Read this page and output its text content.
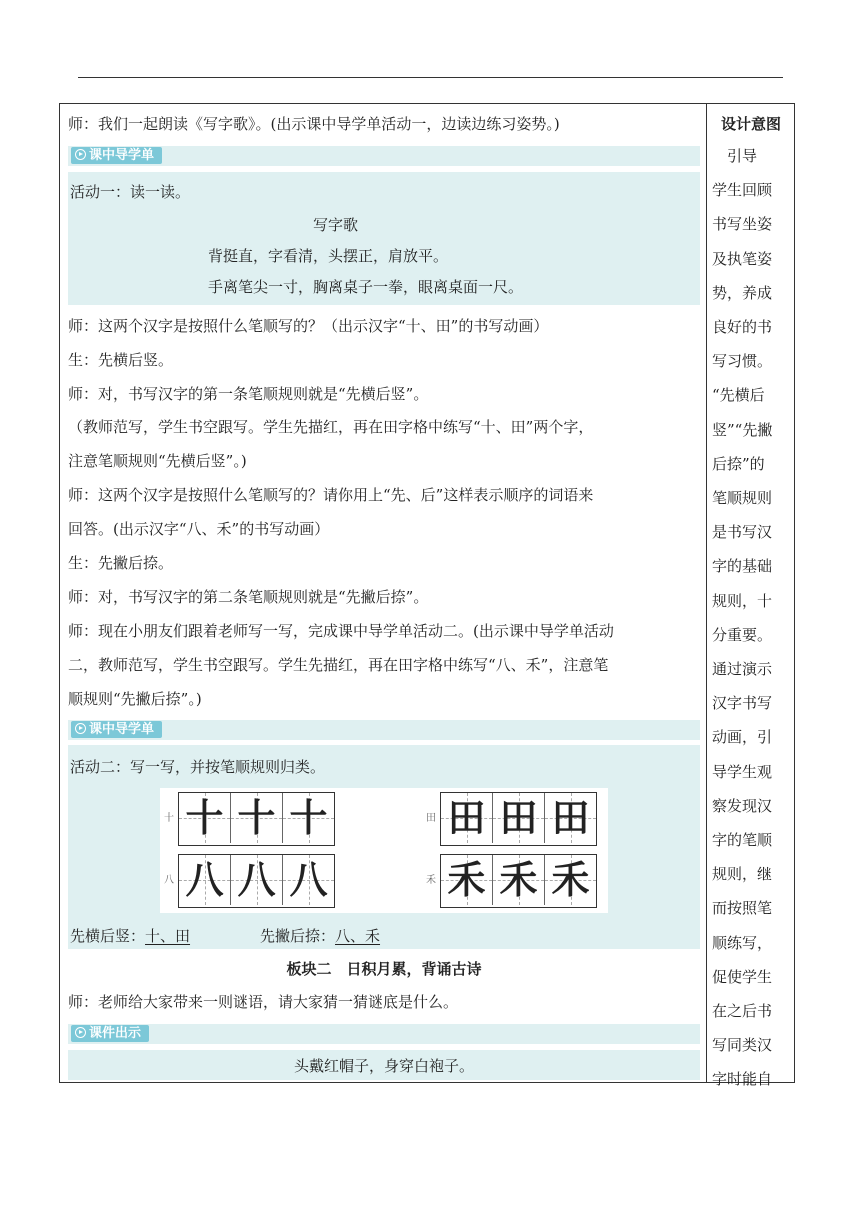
师：我们一起朗读《写字歌》。(出示课中导学单活动一，边读边练习姿势。)
课中导学单
活动一：读一读。
写字歌
背挺直，字看清，头摆正，肩放平。
手离笔尖一寸，胸离桌子一拳，眼离桌面一尺。
师：这两个汉字是按照什么笔顺写的？（出示汉字“十、田”的书写动画）
生：先横后竖。
师：对，书写汉字的第一条笔顺规则就是“先横后竖”。
（教师范写，学生书空跟写。学生先描红，再在田字格中练写“十、田”两个字，
注意笔顺规则“先横后竖”。)
师：这两个汉字是按照什么笔顺写的？请你用上“先、后”这样表示顺序的词语来
回答。(出示汉字“八、禾”的书写动画）
生：先撇后捺。
师：对，书写汉字的第二条笔顺规则就是“先撇后捺”。
师：现在小朋友们跟着老师写一写，完成课中导学单活动二。(出示课中导学单活动
二，教师范写，学生书空跟写。学生先描红，再在田字格中练写“八、禾”，注意笔
顺规则“先撇后捺”。)
课中导学单
活动二：写一写，并按笔顺规则归类。
十 十 十 十	田 田 田 田
八 八 八 八	禾 禾 禾 禾
先横后竖：十、田	先撇后捺：八、禾
板块二　日积月累，背诵古诗
师：老师给大家带来一则谜语，请大家猜一猜谜底是什么。
课件出示
头戴红帽子，身穿白袍子。
设计意图
　引导
学生回顾
书写坐姿
及执笔姿
势，养成
良好的书
写习惯。
“先横后
竖”“先撇
后捺”的
笔顺规则
是书写汉
字的基础
规则，十
分重要。
通过演示
汉字书写
动画，引
导学生观
察发现汉
字的笔顺
规则，继
而按照笔
顺练写，
促使学生
在之后书
写同类汉
字时能自
